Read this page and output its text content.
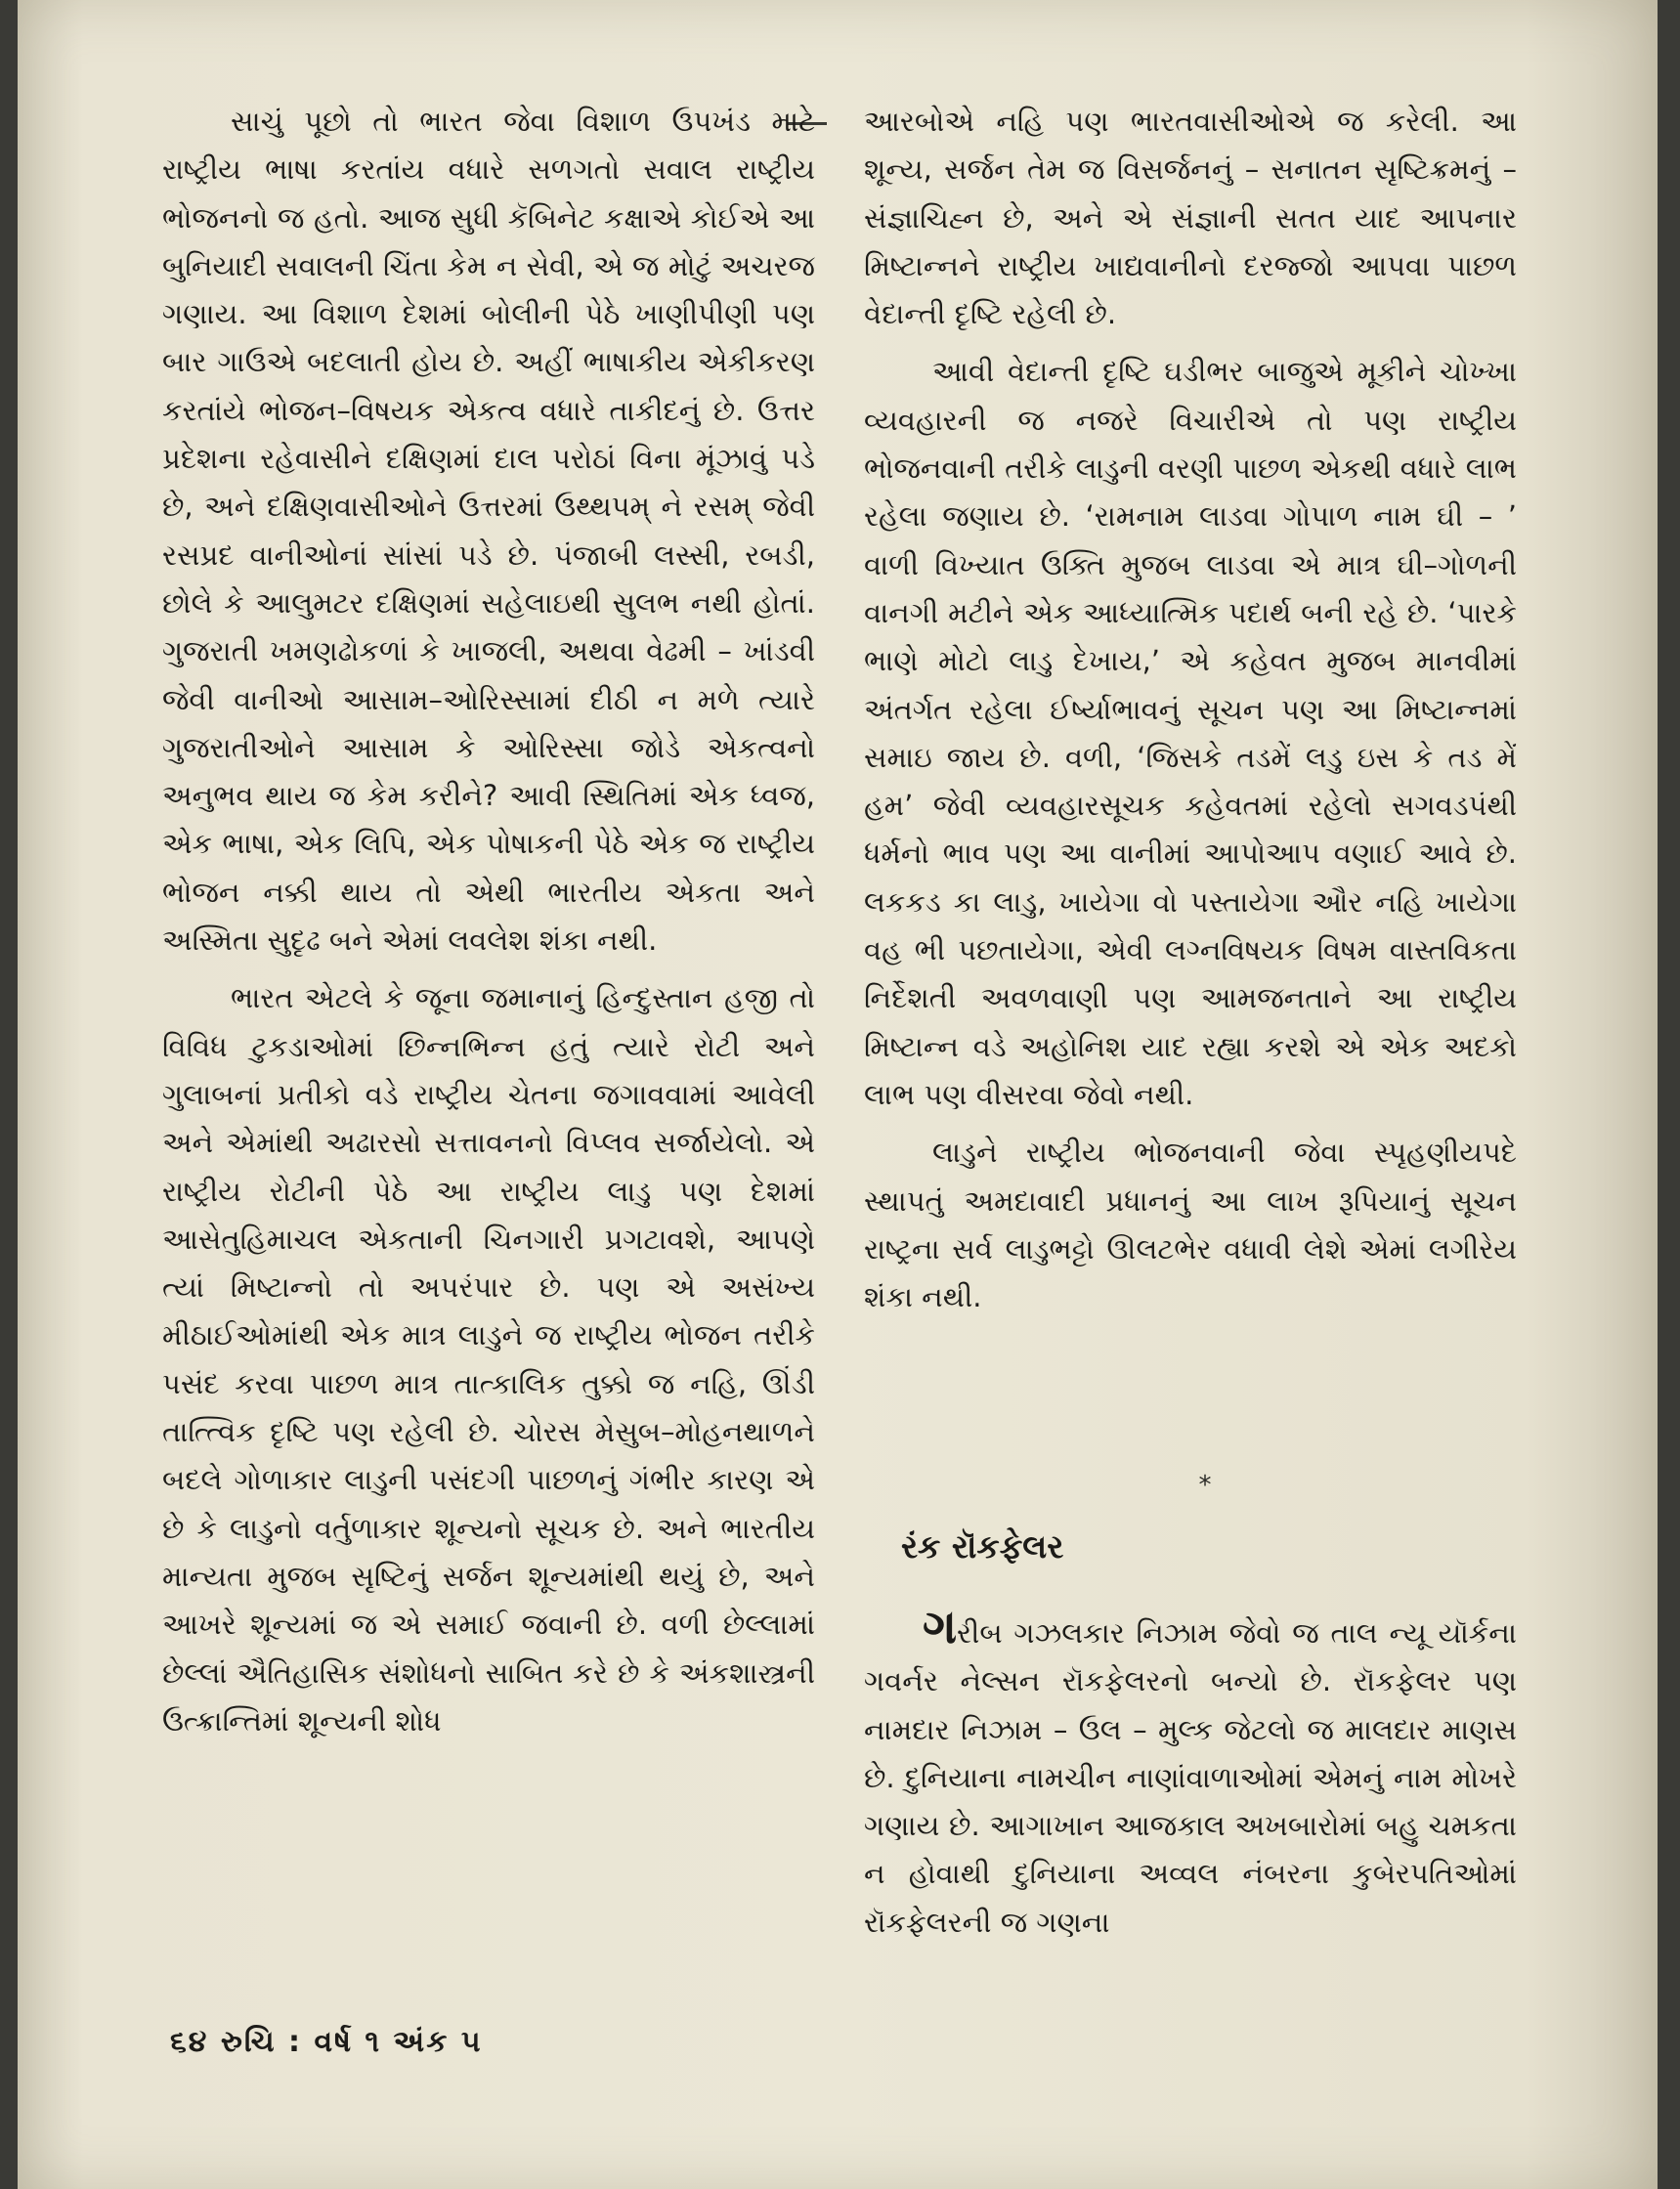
સાચું પૂછો તો ભારત જેવા વિશાળ ઉપખંડ માટે રાષ્ટ્રીય ભાષા કરતાંય વધારે સળગતો સવાલ રાષ્ટ્રીય ભોજનનો જ હતો. આજ સુધી કૅબિનેટ કક્ષાએ કોઈએ આ બુનિયાદી સવાલની ચિંતા કેમ ન સેવી, એ જ મોટું અચરજ ગણાય. આ વિશાળ દેશમાં બોલીની પેઠે ખાણીપીણી પણ બાર ગાઉએ બદલાતી હોય છે. અહીં ભાષાકીય એકીકરણ કરતાંયે ભોજન–વિષયક એકત્વ વધારે તાકીદનું છે. ઉત્તર પ્રદેશના રહેવાસીને દક્ષિણમાં દાલ પરોઠાં વિના મૂંઝાવું પડે છે, અને દક્ષિણવાસીઓને ઉત્તરમાં ઉથ્થપમ્ ને રસમ્ જેવી રસપ્રદ વાનીઓનાં સાંસાં પડે છે. પંજાબી લસ્સી, રબડી, છોલે કે આલુમટર દક્ષિણમાં સહેલાઇથી સુલભ નથી હોતાં. ગુજરાતી ખમણઢોકળાં કે ખાજલી, અથવા વેઢમી – ખાંડવી જેવી વાનીઓ આસામ–ઓરિસ્સામાં દીઠી ન મળે ત્યારે ગુજરાતીઓને આસામ કે ઓરિસ્સા જોડે એકત્વનો અનુભવ થાય જ કેમ કરીને? આવી સ્થિતિમાં એક ધ્વજ, એક ભાષા, એક લિપિ, એક પોષાકની પેઠે એક જ રાષ્ટ્રીય ભોજન નક્કી થાય તો એથી ભારતીય એકતા અને અસ્મિતા સુદૃઢ બને એમાં લવલેશ શંકા નથી.

ભારત એટલે કે જૂના જમાનાનું હિન્દુસ્તાન હજી તો વિવિધ ટુકડાઓમાં છિન્નભિન્ન હતું ત્યારે રોટી અને ગુલાબનાં પ્રતીકો વડે રાષ્ટ્રીય ચેતના જગાવવામાં આવેલી અને એમાંથી અઢારસો સત્તાવનનો વિપ્લવ સર્જાયેલો. એ રાષ્ટ્રીય રોટીની પેઠે આ રાષ્ટ્રીય લાડુ પણ દેશમાં આસેતુહિમાચલ એકતાની ચિનગારી પ્રગટાવશે, આપણે ત્યાં મિષ્ટાન્નો તો અપરંપાર છે. પણ એ અસંખ્ય મીઠાઈઓમાંથી એક માત્ર લાડુને જ રાષ્ટ્રીય ભોજન તરીકે પસંદ કરવા પાછળ માત્ર તાત્કાલિક તુક્કો જ નહિ, ઊંડી તાત્ત્વિક દૃષ્ટિ પણ રહેલી છે. ચોરસ મેસુબ–મોહનથાળને બદલે ગોળાકાર લાડુની પસંદગી પાછળનું ગંભીર કારણ એ છે કે લાડુનો વર્તુળાકાર શૂન્યનો સૂચક છે. અને ભારતીય માન્યતા મુજબ સૃષ્ટિનું સર્જન શૂન્યમાંથી થયું છે, અને આખરે શૂન્યમાં જ એ સમાઈ જવાની છે. વળી છેલ્લામાં છેલ્લાં ઐતિહાસિક સંશોધનો સાબિત કરે છે કે અંકશાસ્ત્રની ઉત્ક્રાન્તિમાં શૂન્યની શોધ

આરબોએ નહિ પણ ભારતવાસીઓએ જ કરેલી. આ શૂન્ય, સર્જન તેમ જ વિસર્જનનું – સનાતન સૃષ્ટિક્રમનું – સંજ્ઞાચિહ્ન છે, અને એ સંજ્ઞાની સતત યાદ આપનાર મિષ્ટાન્નને રાષ્ટ્રીય ખાદ્યવાનીનો દરજ્જો આપવા પાછળ વેદાન્તી દૃષ્ટિ રહેલી છે.

આવી વેદાન્તી દૃષ્ટિ ઘડીભર બાજુએ મૂકીને ચોખ્ખા વ્યવહારની જ નજરે વિચારીએ તો પણ રાષ્ટ્રીય ભોજનવાની તરીકે લાડુની વરણી પાછળ એકથી વધારે લાભ રહેલા જણાય છે. ‘રામનામ લાડવા ગોપાળ નામ ઘી – ’ વાળી વિખ્યાત ઉક્તિ મુજબ લાડવા એ માત્ર ઘી–ગોળની વાનગી મટીને એક આધ્યાત્મિક પદાર્થ બની રહે છે. ‘પારકે ભાણે મોટો લાડુ દેખાય,’ એ કહેવત મુજબ માનવીમાં અંતર્ગત રહેલા ઈર્ષ્યાભાવનું સૂચન પણ આ મિષ્ટાન્નમાં સમાઇ જાય છે. વળી, ‘જિસકે તડમેં લડુ ઇસ કે તડ મેં હમ’ જેવી વ્યવહારસૂચક કહેવતમાં રહેલો સગવડપંથી ધર્મનો ભાવ પણ આ વાનીમાં આપોઆપ વણાઈ આવે છે. લકકડ કા લાડુ, ખાયેગા વો પસ્તાયેગા ઔર નહિ ખાયેગા વહ ભી પછતાયેગા, એવી લગ્નવિષયક વિષમ વાસ્તવિકતા નિર્દેશતી અવળવાણી પણ આમજનતાને આ રાષ્ટ્રીય મિષ્ટાન્ન વડે અહોનિશ યાદ રહ્યા કરશે એ એક અદકો લાભ પણ વીસરવા જેવો નથી.

લાડુને રાષ્ટ્રીય ભોજનવાની જેવા સ્પૃહણીયપદે સ્થાપતું અમદાવાદી પ્રધાનનું આ લાખ રૂપિયાનું સૂચન રાષ્ટ્રના સર્વ લાડુભટ્ટો ઊલટભેર વધાવી લેશે એમાં લગીરેય શંકા નથી.

*
રંક રૉકફેલર

ગરીબ ગઝલકાર નિઝામ જેવો જ તાલ ન્યૂ યૉર્કના ગવર્નર નેલ્સન રૉકફેલરનો બન્યો છે. રૉકફેલર પણ નામદાર નિઝામ – ઉલ – મુલ્ક જેટલો જ માલદાર માણસ છે. દુનિયાના નામચીન નાણાંવાળાઓમાં એમનું નામ મોખરે ગણાય છે. આગાખાન આજકાલ અખબારોમાં બહુ ચમકતા ન હોવાથી દુનિયાના અવ્વલ નંબરના કુબેરપતિઓમાં રૉકફેલરની જ ગણના

૬૪ રુચિ : વર્ષ ૧ અંક ૫
